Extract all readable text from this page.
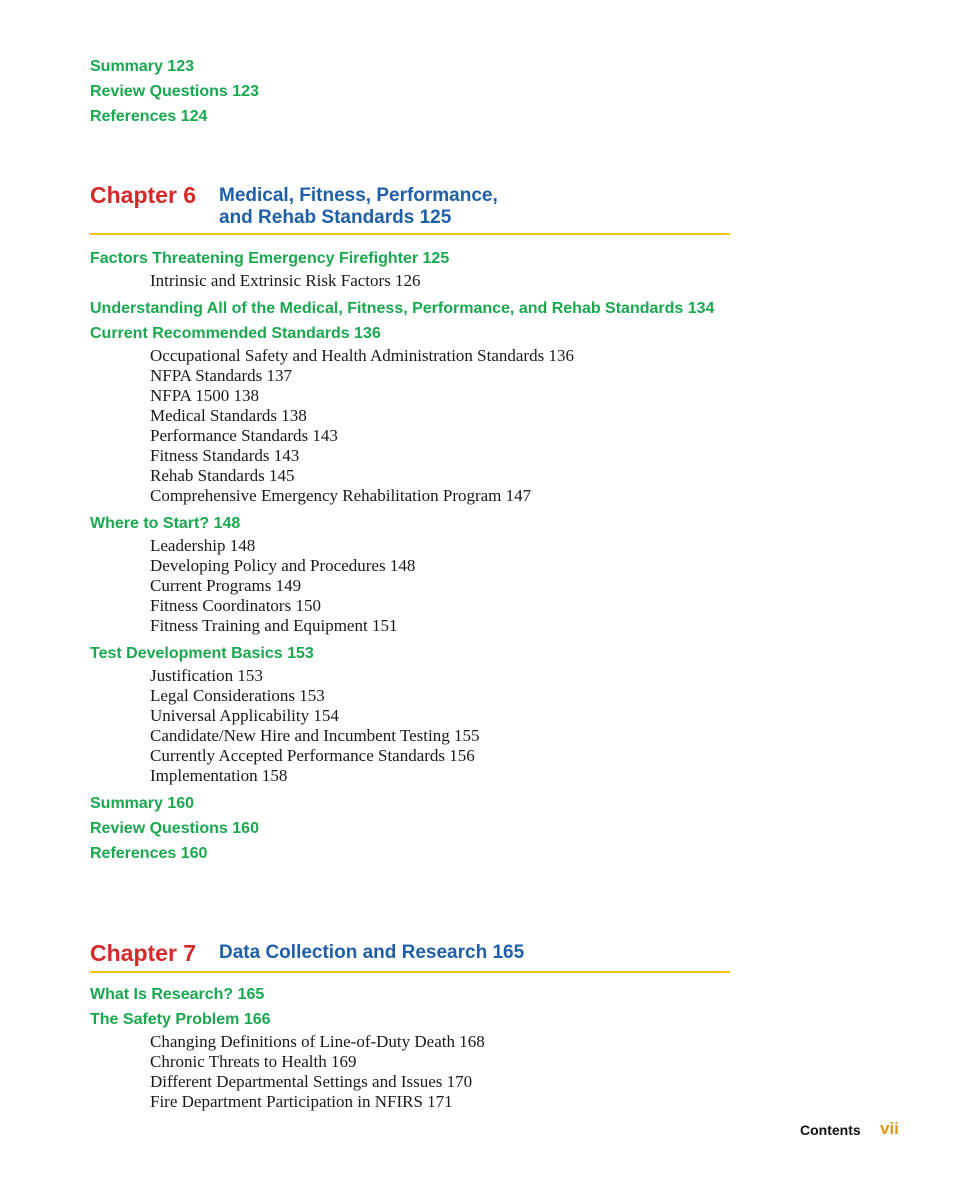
Summary 123
Review Questions 123
References 124
Chapter 6 Medical, Fitness, Performance,
and Rehab Standards 125
Factors Threatening Emergency Firefighter 125
Intrinsic and Extrinsic Risk Factors 126
Understanding All of the Medical, Fitness, Performance, and Rehab Standards 134
Current Recommended Standards 136
Occupational Safety and Health Administration Standards 136
NFPA Standards 137
NFPA 1500 138
Medical Standards 138
Performance Standards 143
Fitness Standards 143
Rehab Standards 145
Comprehensive Emergency Rehabilitation Program 147
Where to Start? 148
Leadership 148
Developing Policy and Procedures 148
Current Programs 149
Fitness Coordinators 150
Fitness Training and Equipment 151
Test Development Basics 153
Justification 153
Legal Considerations 153
Universal Applicability 154
Candidate/New Hire and Incumbent Testing 155
Currently Accepted Performance Standards 156
Implementation 158
Summary 160
Review Questions 160
References 160
Chapter 7 Data Collection and Research 165
What Is Research? 165
The Safety Problem 166
Changing Definitions of Line-of-Duty Death 168
Chronic Threats to Health 169
Different Departmental Settings and Issues 170
Fire Department Participation in NFIRS 171
Contents vii
